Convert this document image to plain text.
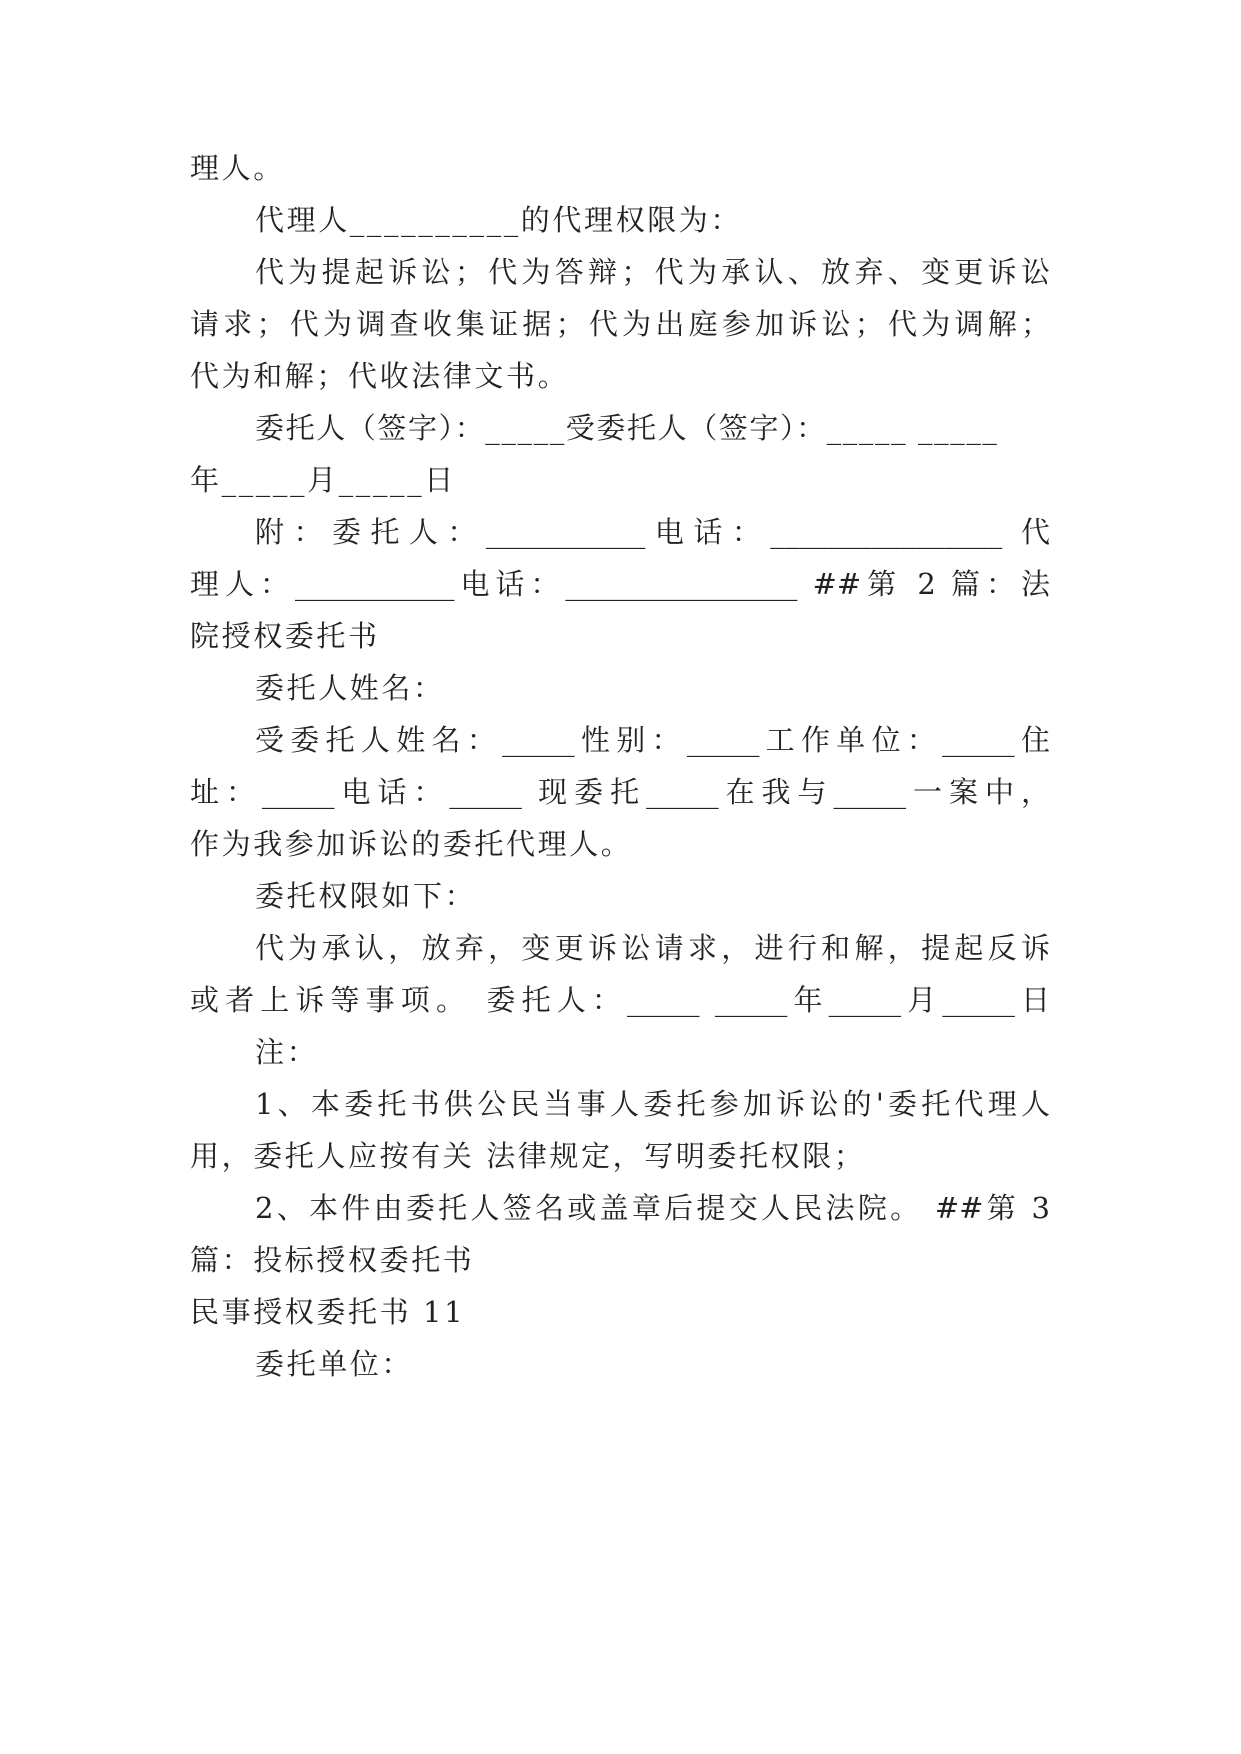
理人。
代理人__________的代理权限为：
代为提起诉讼；代为答辩；代为承认、放弃、变更诉讼
请求；代为调查收集证据；代为出庭参加诉讼；代为调解；
代为和解；代收法律文书。
委托人（签字）：_____受委托人（签字）：_____ _____
年_____月_____日
附：委托人：___________电话：________________ 代
理人：___________电话：________________ ##第 2 篇：法
院授权委托书
委托人姓名：
受委托人姓名：_____性别：_____工作单位：_____住
址：_____电话：_____ 现委托_____在我与_____一案中，
作为我参加诉讼的委托代理人。
委托权限如下：
代为承认，放弃，变更诉讼请求，进行和解，提起反诉
或者上诉等事项。 委托人：_____ _____年_____月_____日
注：
1、本委托书供公民当事人委托参加诉讼的'委托代理人
用，委托人应按有关 法律规定，写明委托权限；
2、本件由委托人签名或盖章后提交人民法院。 ##第 3
篇：投标授权委托书
民事授权委托书 11
委托单位：
